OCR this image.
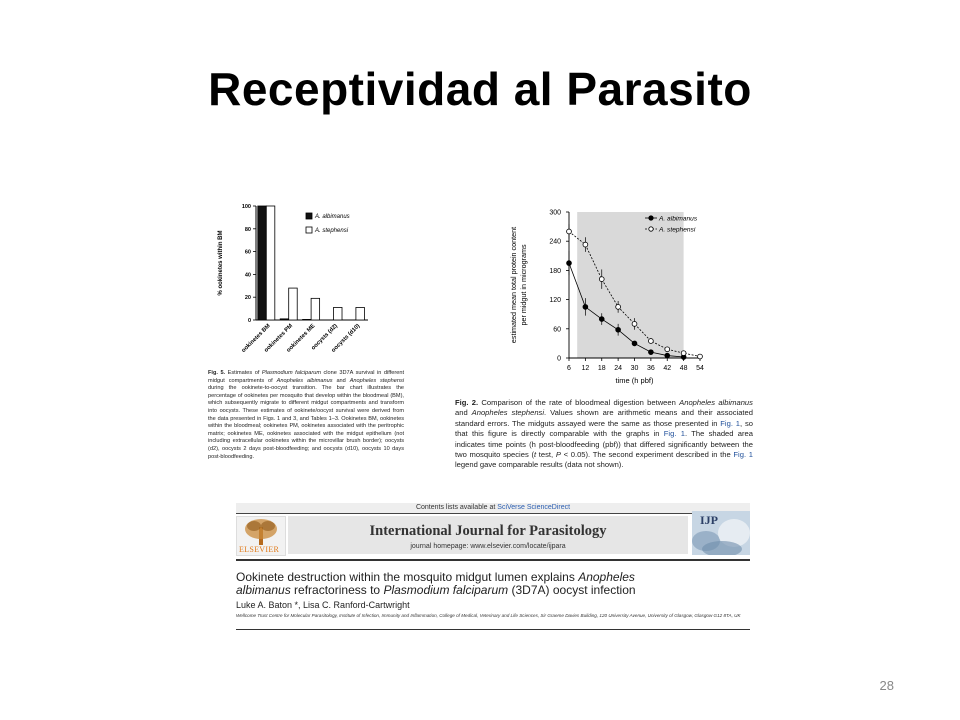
Receptividad al Parasito
0
20
40
60
80
100
% ookinetes within BM
ookinetes BM
ookinetes PM
ookinetes ME
oocysts (d2)
oocysts (d10)
A. albimanus
A. stephensi
Fig. 5. Estimates of Plasmodium falciparum clone 3D7A survival in different midgut compartments of Anopheles albimanus and Anopheles stephensi during the ookinete-to-oocyst transition. The bar chart illustrates the percentage of ookinetes per mosquito that develop within the bloodmeal (BM), which subsequently migrate to different midgut compartments and transform into oocysts. These estimates of ookinete/oocyst survival were derived from the data presented in Figs. 1 and 3, and Tables 1–3. Ookinetes BM, ookinetes within the bloodmeal; ookinetes PM, ookinetes associated with the peritrophic matrix; ookinetes ME, ookinetes associated with the midgut epithelium (not including extracellular ookinetes within the microvillar brush border); oocysts (d2), oocysts 2 days post-bloodfeeding; and oocysts (d10), oocysts 10 days post-bloodfeeding.
0
60
120
180
240
300
6 12 18 24 30 36 42 48 54
time (h pbf)
estimated mean total protein content per midgut in micrograms
A. albimanus
A. stephensi
Fig. 2. Comparison of the rate of bloodmeal digestion between Anopheles albimanus and Anopheles stephensi. Values shown are arithmetic means and their associated standard errors. The midguts assayed were the same as those presented in Fig. 1, so that this figure is directly comparable with the graphs in Fig. 1. The shaded area indicates time points (h post-bloodfeeding (pbf)) that differed significantly between the two mosquito species (t test, P < 0.05). The second experiment described in the Fig. 1 legend gave comparable results (data not shown).
Contents lists available at SciVerse ScienceDirect
ELSEVIER
International Journal for Parasitology
journal homepage: www.elsevier.com/locate/ijpara
IJP
Ookinete destruction within the mosquito midgut lumen explains Anopheles
albimanus refractoriness to Plasmodium falciparum (3D7A) oocyst infection
Luke A. Baton *, Lisa C. Ranford-Cartwright
Wellcome Trust Centre for Molecular Parasitology, Institute of Infection, Immunity and Inflammation, College of Medical, Veterinary and Life Sciences, Sir Graeme Davies Building, 120 University Avenue, University of Glasgow, Glasgow G12 8TA, UK
28
